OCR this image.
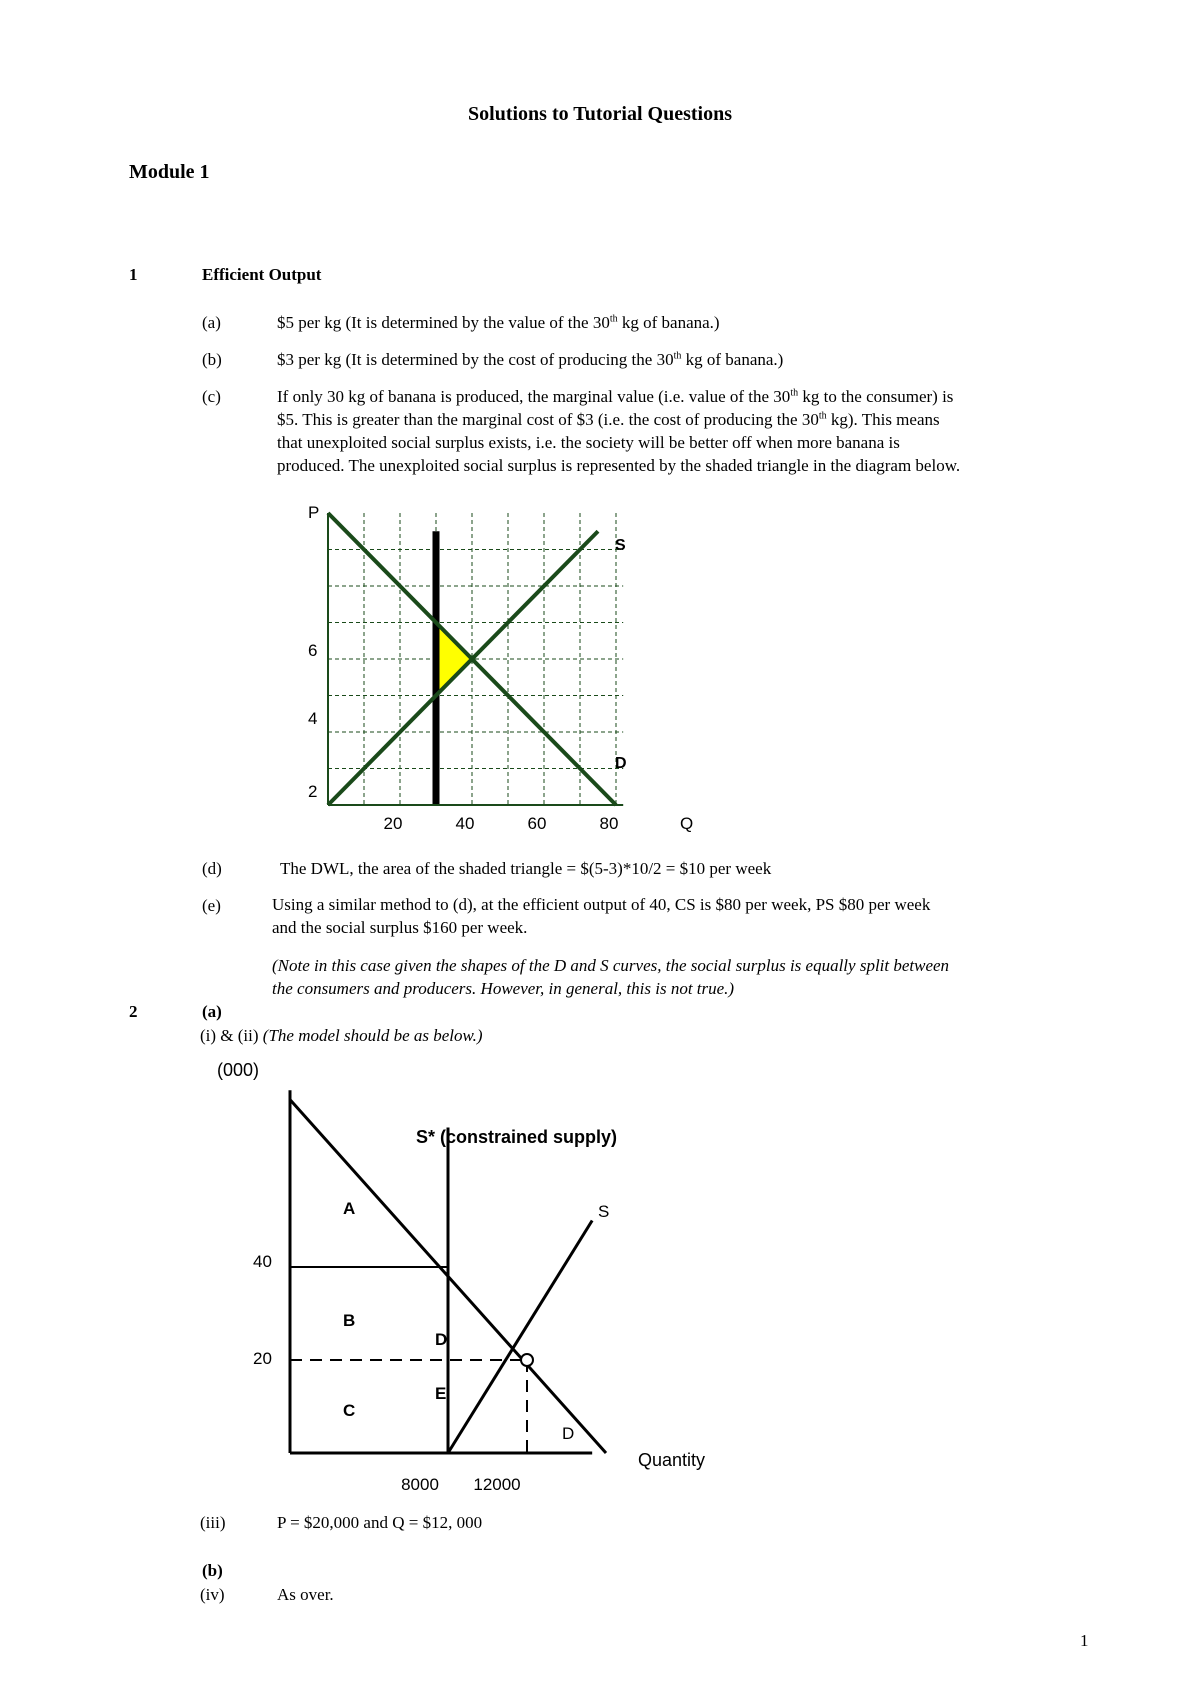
Solutions to Tutorial Questions
Module 1
1	Efficient Output
(a)	$5 per kg (It is determined by the value of the 30th kg of banana.)
(b)	$3 per kg (It is determined by the cost of producing the 30th kg of banana.)
(c)	If only 30 kg of banana is produced, the marginal value (i.e. value of the 30th kg to the consumer) is
$5. This is greater than the marginal cost of $3 (i.e. the cost of producing the 30th kg). This means
that unexploited social surplus exists, i.e. the society will be better off when more banana is
produced. The unexploited social surplus is represented by the shaded triangle in the diagram below.
P
Q
2
4
6
20	40	60	80
S
D
(d)	The DWL, the area of the shaded triangle = $(5-3)*10/2 = $10 per week
(e)	Using a similar method to (d), at the efficient output of 40, CS is $80 per week, PS $80 per week
and the social surplus $160 per week.
(Note in this case given the shapes of the D and S curves, the social surplus is equally split between
the consumers and producers. However, in general, this is not true.)
2	(a)
(i) & (ii) (The model should be as below.)
(000)
Quantity
40
20
8000 12000
S* (constrained supply)
S
D
A
B
C
D
E
(iii)	P = $20,000 and Q = $12, 000
(b)
(iv)	As over.
1
